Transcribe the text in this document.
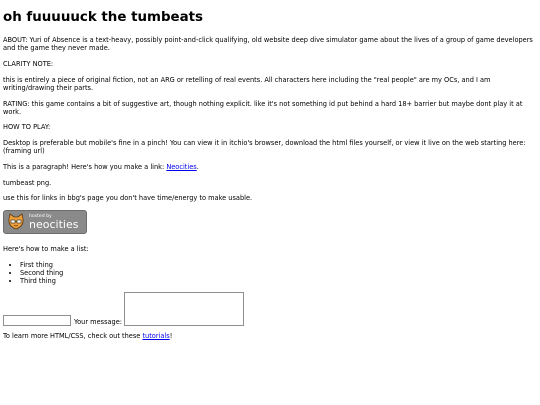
oh fuuuuuck the tumbeats

ABOUT: Yuri of Absence is a text-heavy, possibly point-and-click qualifying, old website deep dive simulator game about the lives of a group of game developers and the game they never made.

CLARITY NOTE:

this is entirely a piece of original fiction, not an ARG or retelling of real events. All characters here including the "real people" are my OCs, and I am writing/drawing their parts.

RATING: this game contains a bit of suggestive art, though nothing explicit. like it's not something id put behind a hard 18+ barrier but maybe dont play it at work.

HOW TO PLAY:

Desktop is preferable but mobile's fine in a pinch! You can view it in itchio's browser, download the html files yourself, or view it live on the web starting here: (framing url)

This is a paragraph! Here's how you make a link: Neocities.

tumbeast png.

use this for links in bbg's page you don't have time/energy to make usable.

hosted by
neocities

Here's how to make a list:

• First thing
• Second thing
• Third thing
Your message:

To learn more HTML/CSS, check out these tutorials!
